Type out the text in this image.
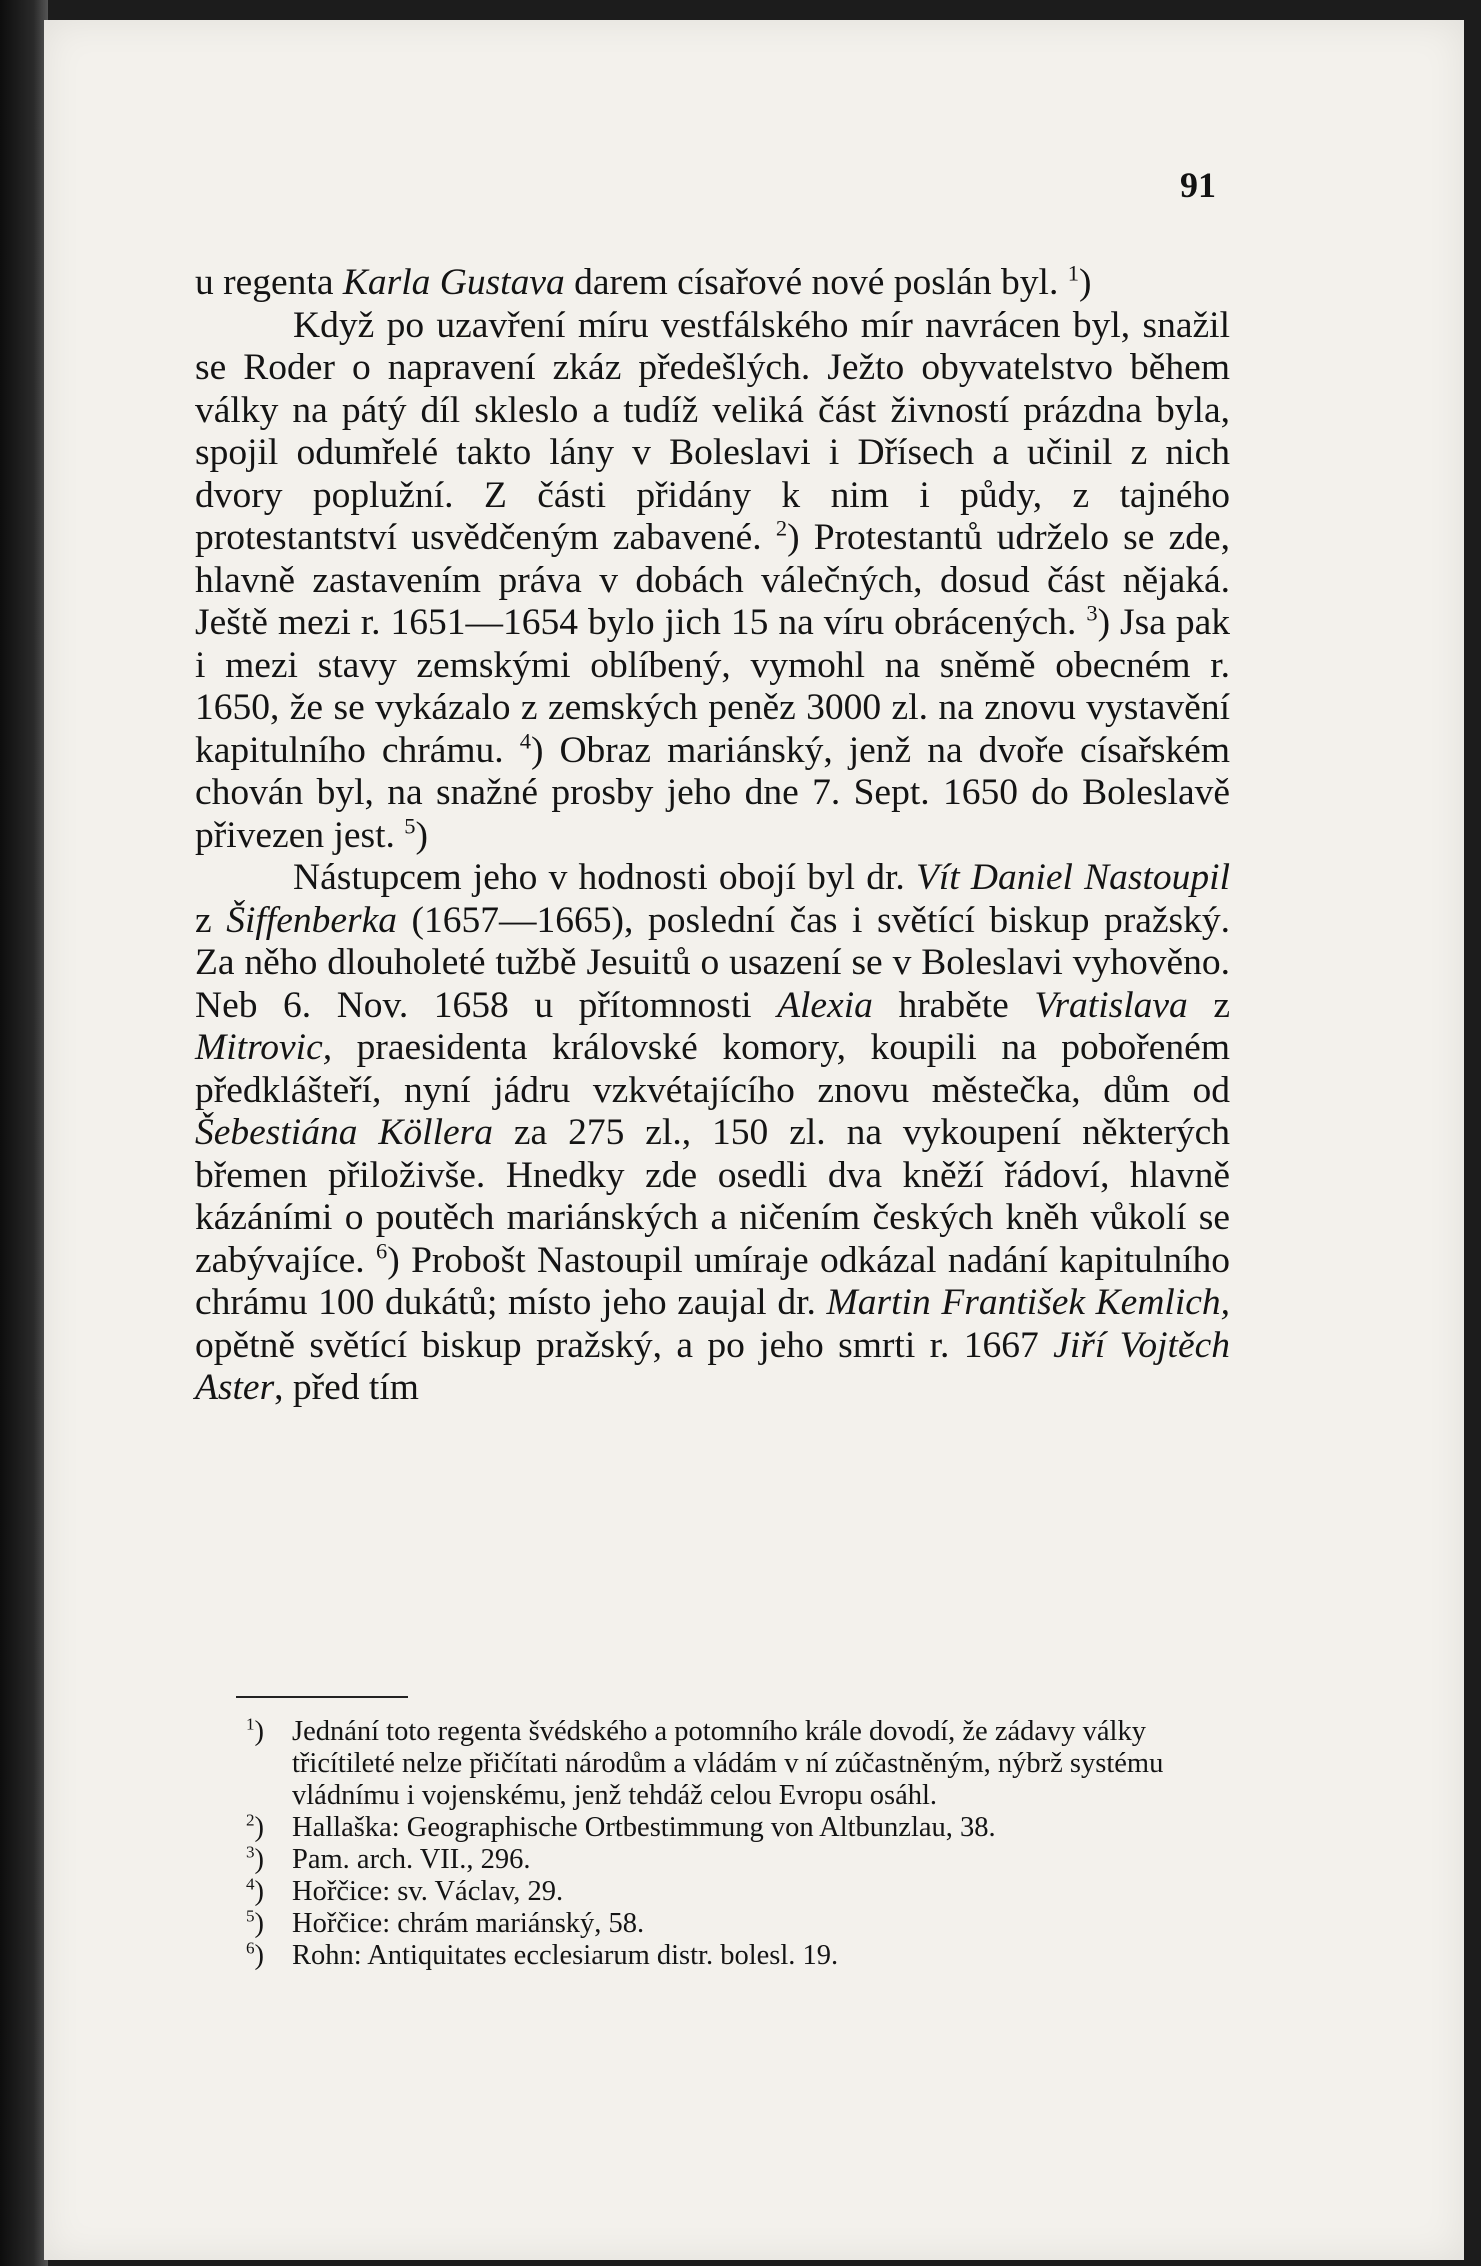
91

u regenta Karla Gustava darem císařové nové poslán byl. $^1$)

Když po uzavření míru vestfálského mír navrácen byl, snažil se Roder o napravení zkáz předešlých. Ježto obyvatelstvo během války na pátý díl skleslo a tudíž veliká část živností prázdna byla, spojil odumřelé takto lány v Boleslavi i Dřísech a učinil z nich dvory poplužní. Z části přidány k nim i půdy, z tajného protestantství usvědčeným zabavené. $^2$) Protestantů udrželo se zde, hlavně zastavením práva v dobách válečných, dosud část nějaká. Ještě mezi r. 1651—1654 bylo jich 15 na víru obrácených. $^3$) Jsa pak i mezi stavy zemskými oblíbený, vymohl na sněmě obecném r. 1650, že se vykázalo z zemských peněz 3000 zl. na znovu vystavění kapitulního chrámu. $^4$) Obraz mariánský, jenž na dvoře císařském chován byl, na snažné prosby jeho dne 7. Sept. 1650 do Boleslavě přivezen jest. $^5$)

Nástupcem jeho v hodnosti obojí byl dr. Vít Daniel Nastoupil z Šiffenberka (1657—1665), poslední čas i světící biskup pražský. Za něho dlouholeté tužbě Jesuitů o usazení se v Boleslavi vyhověno. Neb 6. Nov. 1658 u přítomnosti Alexia hraběte Vratislava z Mitrovic, praesidenta královské komory, koupili na pobořeném předklášteří, nyní jádru vzkvétajícího znovu městečka, dům od Šebestiána Köllera za 275 zl., 150 zl. na vykoupení některých břemen přiloživše. Hnedky zde osedli dva kněží řádoví, hlavně kázáními o poutěch mariánských a ničením českých kněh vůkolí se zabývajíce. $^6$) Probošt Nastoupil umíraje odkázal nadání kapitulního chrámu 100 dukátů; místo jeho zaujal dr. Martin František Kemlich, opětně světící biskup pražský, a po jeho smrti r. 1667 Jiří Vojtěch Aster, před tím

$^1$) Jednání toto regenta švédského a potomního krále dovodí, že zádavy války třicítileté nelze přičítati národům a vládám v ní zúčastněným, nýbrž systému vládnímu i vojenskému, jenž tehdáž celou Evropu osáhl.

$^2$) Hallaška: Geographische Ortbestimmung von Altbunzlau, 38.

$^3$) Pam. arch. VII., 296.

$^4$) Hořčice: sv. Václav, 29.

$^5$) Hořčice: chrám mariánský, 58.

$^6$) Rohn: Antiquitates ecclesiarum distr. bolesl. 19.
